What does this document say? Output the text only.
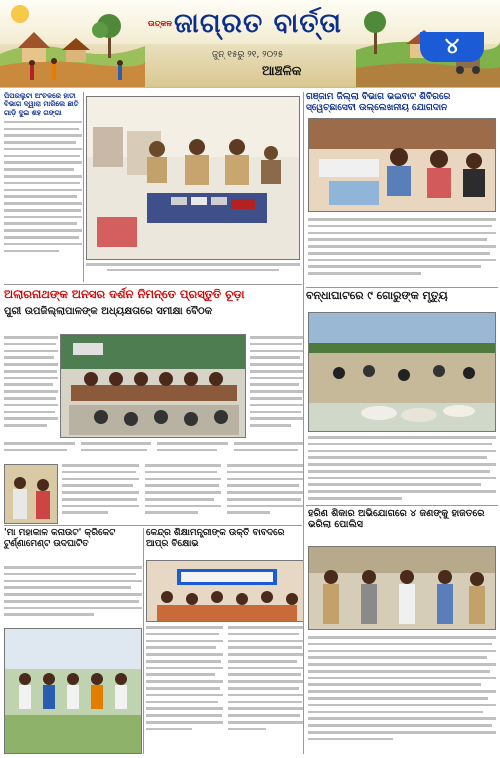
ଉତ୍କଳ ଜାଗ୍ରତ ବାର୍ତ୍ତା
ଜୁନ୍ ୧୫ରୁ ୨୧, ୨୦୨୫
ଆଞ୍ଚଳିକ
୪
ପିପରଲୁଟା ଅଂଚଳରେ ହାତୀ ବିଭାଗ ଦ୍ୱାରା ମାରିଲେ ଛାତି ଗାଡ଼ି ଦୁଇ ଶହ ଗଙ୍ଗା
ଗଞ୍ଜାମ ଜିଲ୍ଲା ବିଭାଗ ଭଇବାଟ ଶିବିରରେ ସ୍ୱେଚ୍ଛାସେବୀ ଉଲ୍ଲେଖନୀୟ ଯୋଗଦାନ
ଅଲାରନାଥଙ୍କ ଅନସର ଦର୍ଶନ ନିମନ୍ତେ ପ୍ରସ୍ତୁତି ଚୂଡ଼ା
ପୁରୀ ଉପଜିଲ୍ଲାପାଳଙ୍କ ଅଧ୍ୟକ୍ଷତାରେ ସମୀକ୍ଷା ବୈଠକ
ବନ୍ଧାଘାଟରେ ୯ ଗୋରୁଙ୍କ ମୃତ୍ୟୁ
'ମା ମହାକାଳ କନାଉଟ' କ୍ରିକେଟ ଟୁର୍ଣ୍ଣାମେଣ୍ଟ ଉଦଘାଟିତ
କେନ୍ଦ୍ର ଶିକ୍ଷାମନ୍ତ୍ରୀଙ୍କ ଉକ୍ତି ବାବଦରେ ଆପ୍‌ର ବିକ୍ଷୋଭ
ହରିଣ ଶିକାର ଅଭିଯୋଗରେ ୪ ଜଣଙ୍କୁ ହାଜତରେ ଭରିଲା ପୋଲିସ
